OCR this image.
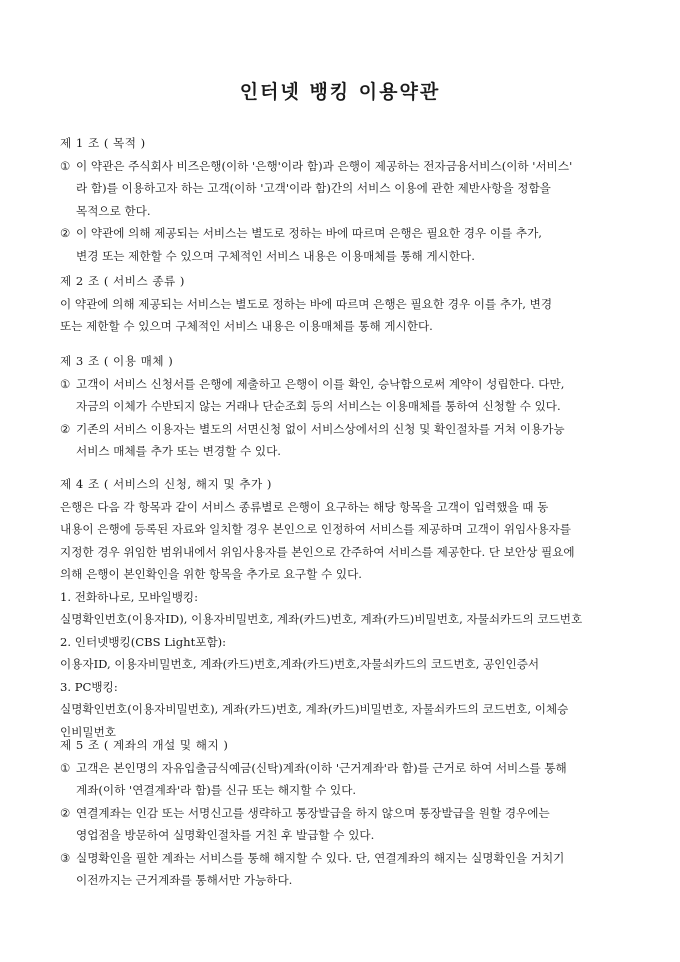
인터넷 뱅킹 이용약관
제 1 조 ( 목적 )
① 이 약관은 주식회사 비즈은행(이하 '은행'이라 함)과 은행이 제공하는 전자금융서비스(이하 '서비스'
라 함)를 이용하고자 하는 고객(이하 '고객'이라 함)간의 서비스 이용에 관한 제반사항을 정함을
목적으로 한다.
② 이 약관에 의해 제공되는 서비스는 별도로 정하는 바에 따르며 은행은 필요한 경우 이를 추가,
변경 또는 제한할 수 있으며 구체적인 서비스 내용은 이용매체를 통해 게시한다.
제 2 조 ( 서비스 종류 )
이 약관에 의해 제공되는 서비스는 별도로 정하는 바에 따르며 은행은 필요한 경우 이를 추가, 변경
또는 제한할 수 있으며 구체적인 서비스 내용은 이용매체를 통해 게시한다.
제 3 조 ( 이용 매체 )
① 고객이 서비스 신청서를 은행에 제출하고 은행이 이를 확인, 승낙함으로써 계약이 성립한다. 다만,
자금의 이체가 수반되지 않는 거래나 단순조회 등의 서비스는 이용매체를 통하여 신청할 수 있다.
② 기존의 서비스 이용자는 별도의 서면신청 없이 서비스상에서의 신청 및 확인절차를 거쳐 이용가능
서비스 매체를 추가 또는 변경할 수 있다.
제 4 조 ( 서비스의 신청, 해지 및 추가 )
은행은 다음 각 항목과 같이 서비스 종류별로 은행이 요구하는 해당 항목을 고객이 입력했을 때 동
내용이 은행에 등록된 자료와 일치할 경우 본인으로 인정하여 서비스를 제공하며 고객이 위임사용자를
지정한 경우 위임한 범위내에서 위임사용자를 본인으로 간주하여 서비스를 제공한다. 단 보안상 필요에
의해 은행이 본인확인을 위한 항목을 추가로 요구할 수 있다.
1. 전화하나로, 모바일뱅킹:
실명확인번호(이용자ID), 이용자비밀번호, 계좌(카드)번호, 계좌(카드)비밀번호, 자물쇠카드의 코드번호
2. 인터넷뱅킹(CBS Light포함):
이용자ID, 이용자비밀번호, 계좌(카드)번호,계좌(카드)번호,자물쇠카드의 코드번호, 공인인증서
3. PC뱅킹:
실명확인번호(이용자비밀번호), 계좌(카드)번호, 계좌(카드)비밀번호, 자물쇠카드의 코드번호, 이체승
인비밀번호
제 5 조 ( 계좌의 개설 및 해지 )
① 고객은 본인명의 자유입출금식예금(신탁)계좌(이하 '근거계좌'라 함)를 근거로 하여 서비스를 통해
계좌(이하 '연결계좌'라 함)를 신규 또는 해지할 수 있다.
② 연결계좌는 인감 또는 서명신고를 생략하고 통장발급을 하지 않으며 통장발급을 원할 경우에는
영업점을 방문하여 실명확인절차를 거친 후 발급할 수 있다.
③ 실명확인을 필한 계좌는 서비스를 통해 해지할 수 있다. 단, 연결계좌의 해지는 실명확인을 거치기
이전까지는 근거계좌를 통해서만 가능하다.
